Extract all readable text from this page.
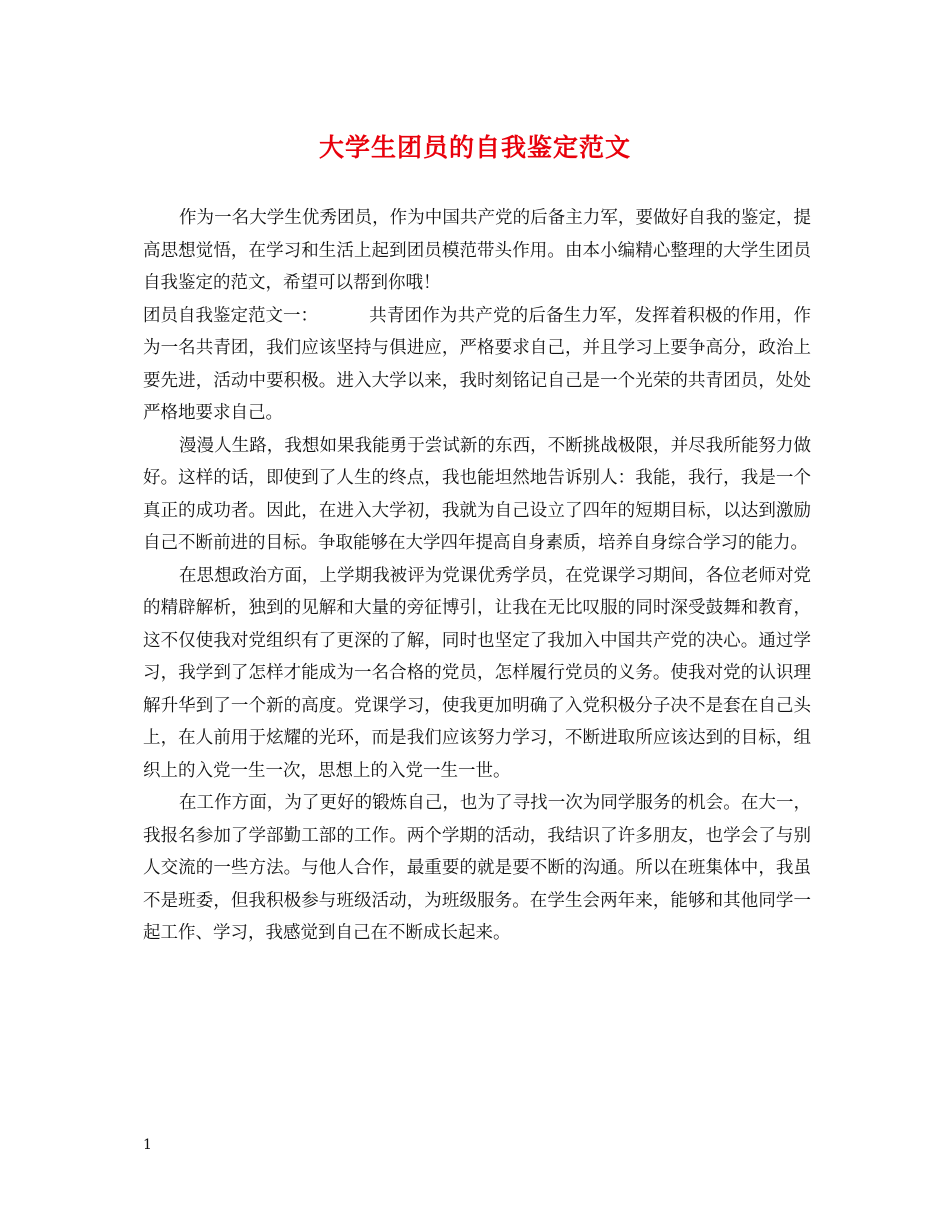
大学生团员的自我鉴定范文

作为一名大学生优秀团员，作为中国共产党的后备主力军，要做好自我的鉴定，提高思想觉悟，在学习和生活上起到团员模范带头作用。由本小编精心整理的大学生团员自我鉴定的范文，希望可以帮到你哦！

团员自我鉴定范文一：	共青团作为共产党的后备生力军，发挥着积极的作用，作为一名共青团，我们应该坚持与俱进应，严格要求自己，并且学习上要争高分，政治上要先进，活动中要积极。进入大学以来，我时刻铭记自己是一个光荣的共青团员，处处严格地要求自己。

漫漫人生路，我想如果我能勇于尝试新的东西，不断挑战极限，并尽我所能努力做好。这样的话，即使到了人生的终点，我也能坦然地告诉别人：我能，我行，我是一个真正的成功者。因此，在进入大学初，我就为自己设立了四年的短期目标，以达到激励自己不断前进的目标。争取能够在大学四年提高自身素质，培养自身综合学习的能力。

在思想政治方面，上学期我被评为党课优秀学员，在党课学习期间，各位老师对党的精辟解析，独到的见解和大量的旁征博引，让我在无比叹服的同时深受鼓舞和教育，这不仅使我对党组织有了更深的了解，同时也坚定了我加入中国共产党的决心。通过学习，我学到了怎样才能成为一名合格的党员，怎样履行党员的义务。使我对党的认识理解升华到了一个新的高度。党课学习，使我更加明确了入党积极分子决不是套在自己头上，在人前用于炫耀的光环，而是我们应该努力学习，不断进取所应该达到的目标，组织上的入党一生一次，思想上的入党一生一世。

在工作方面，为了更好的锻炼自己，也为了寻找一次为同学服务的机会。在大一，我报名参加了学部勤工部的工作。两个学期的活动，我结识了许多朋友，也学会了与别人交流的一些方法。与他人合作，最重要的就是要不断的沟通。所以在班集体中，我虽不是班委，但我积极参与班级活动，为班级服务。在学生会两年来，能够和其他同学一起工作、学习，我感觉到自己在不断成长起来。

1
